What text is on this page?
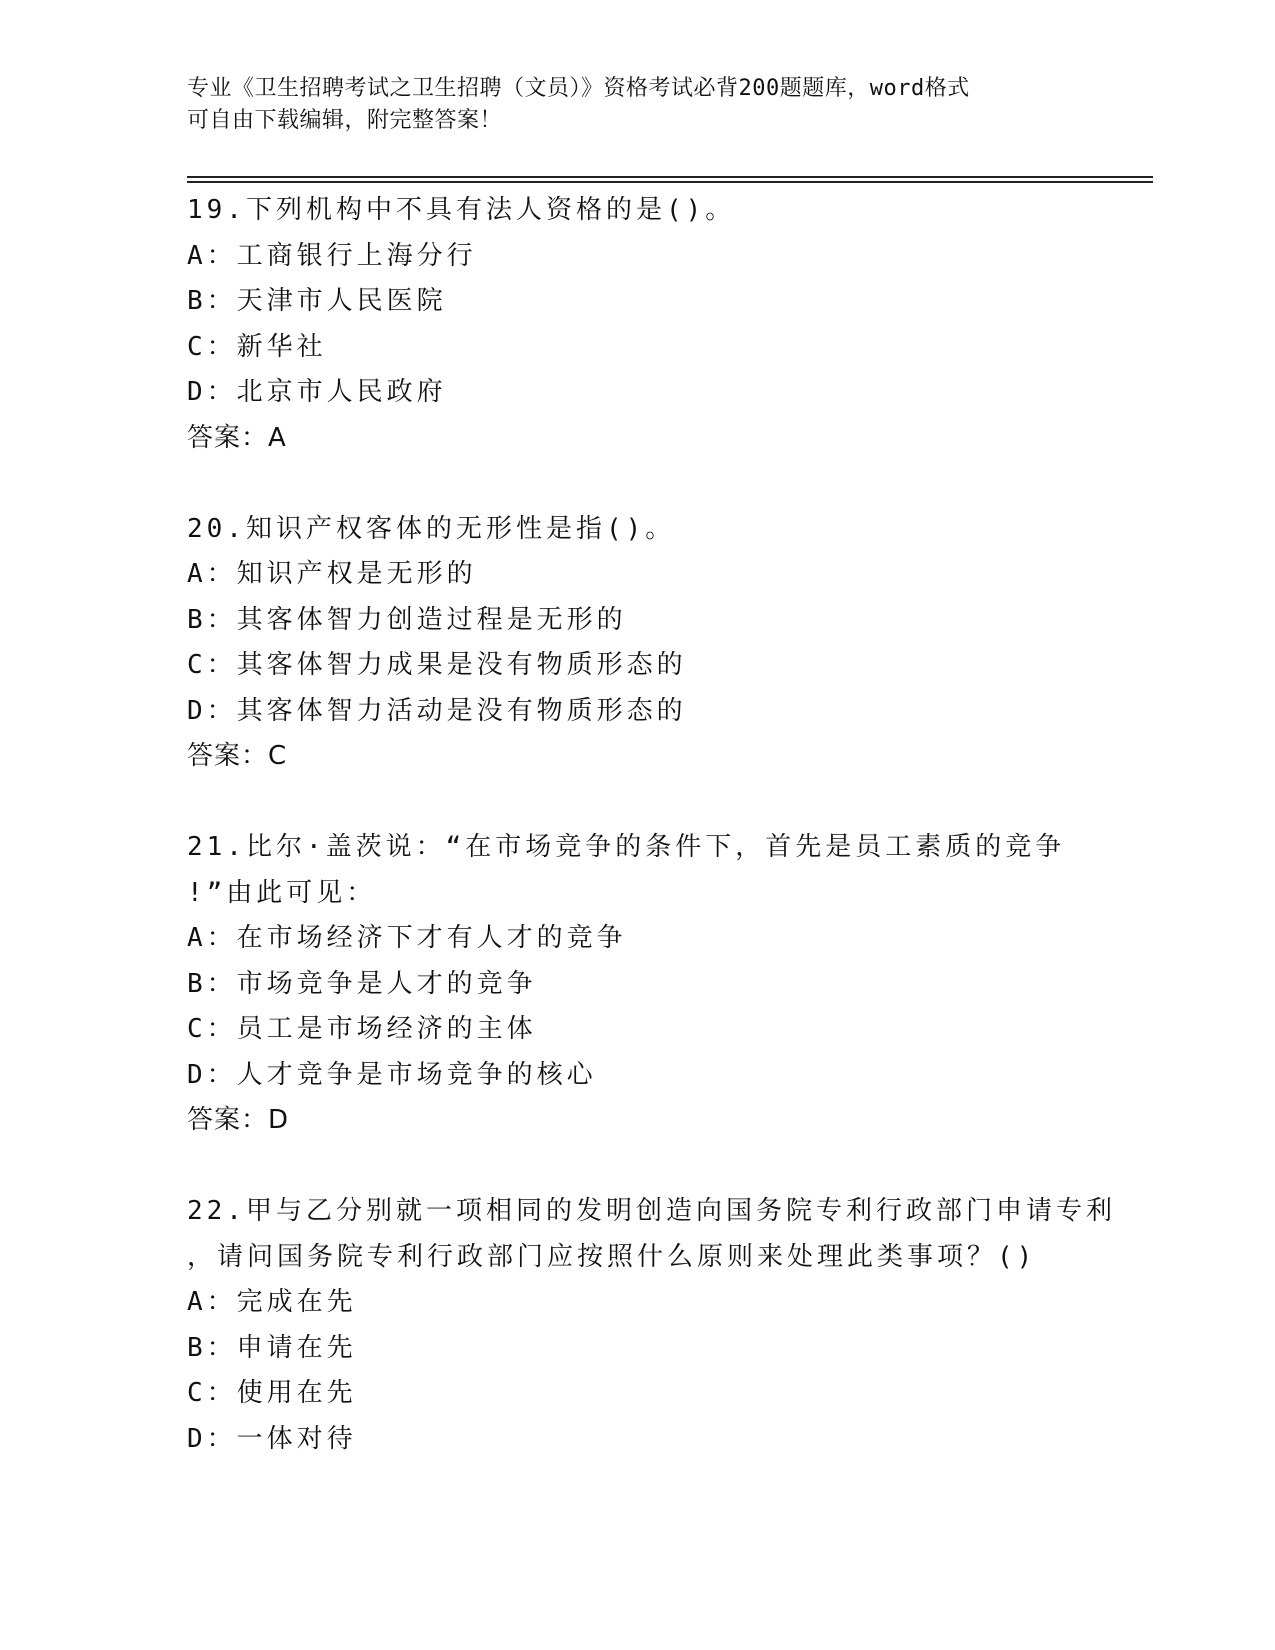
专业《卫生招聘考试之卫生招聘（文员）》资格考试必背200题题库，word格式
可自由下载编辑，附完整答案！
19.下列机构中不具有法人资格的是()。
A：工商银行上海分行
B：天津市人民医院
C：新华社
D：北京市人民政府
答案：A
20.知识产权客体的无形性是指()。
A：知识产权是无形的
B：其客体智力创造过程是无形的
C：其客体智力成果是没有物质形态的
D：其客体智力活动是没有物质形态的
答案：C
21.比尔·盖茨说：“在市场竞争的条件下，首先是员工素质的竞争
!”由此可见：
A：在市场经济下才有人才的竞争
B：市场竞争是人才的竞争
C：员工是市场经济的主体
D：人才竞争是市场竞争的核心
答案：D
22.甲与乙分别就一项相同的发明创造向国务院专利行政部门申请专利
，请问国务院专利行政部门应按照什么原则来处理此类事项？()
A：完成在先
B：申请在先
C：使用在先
D：一体对待
